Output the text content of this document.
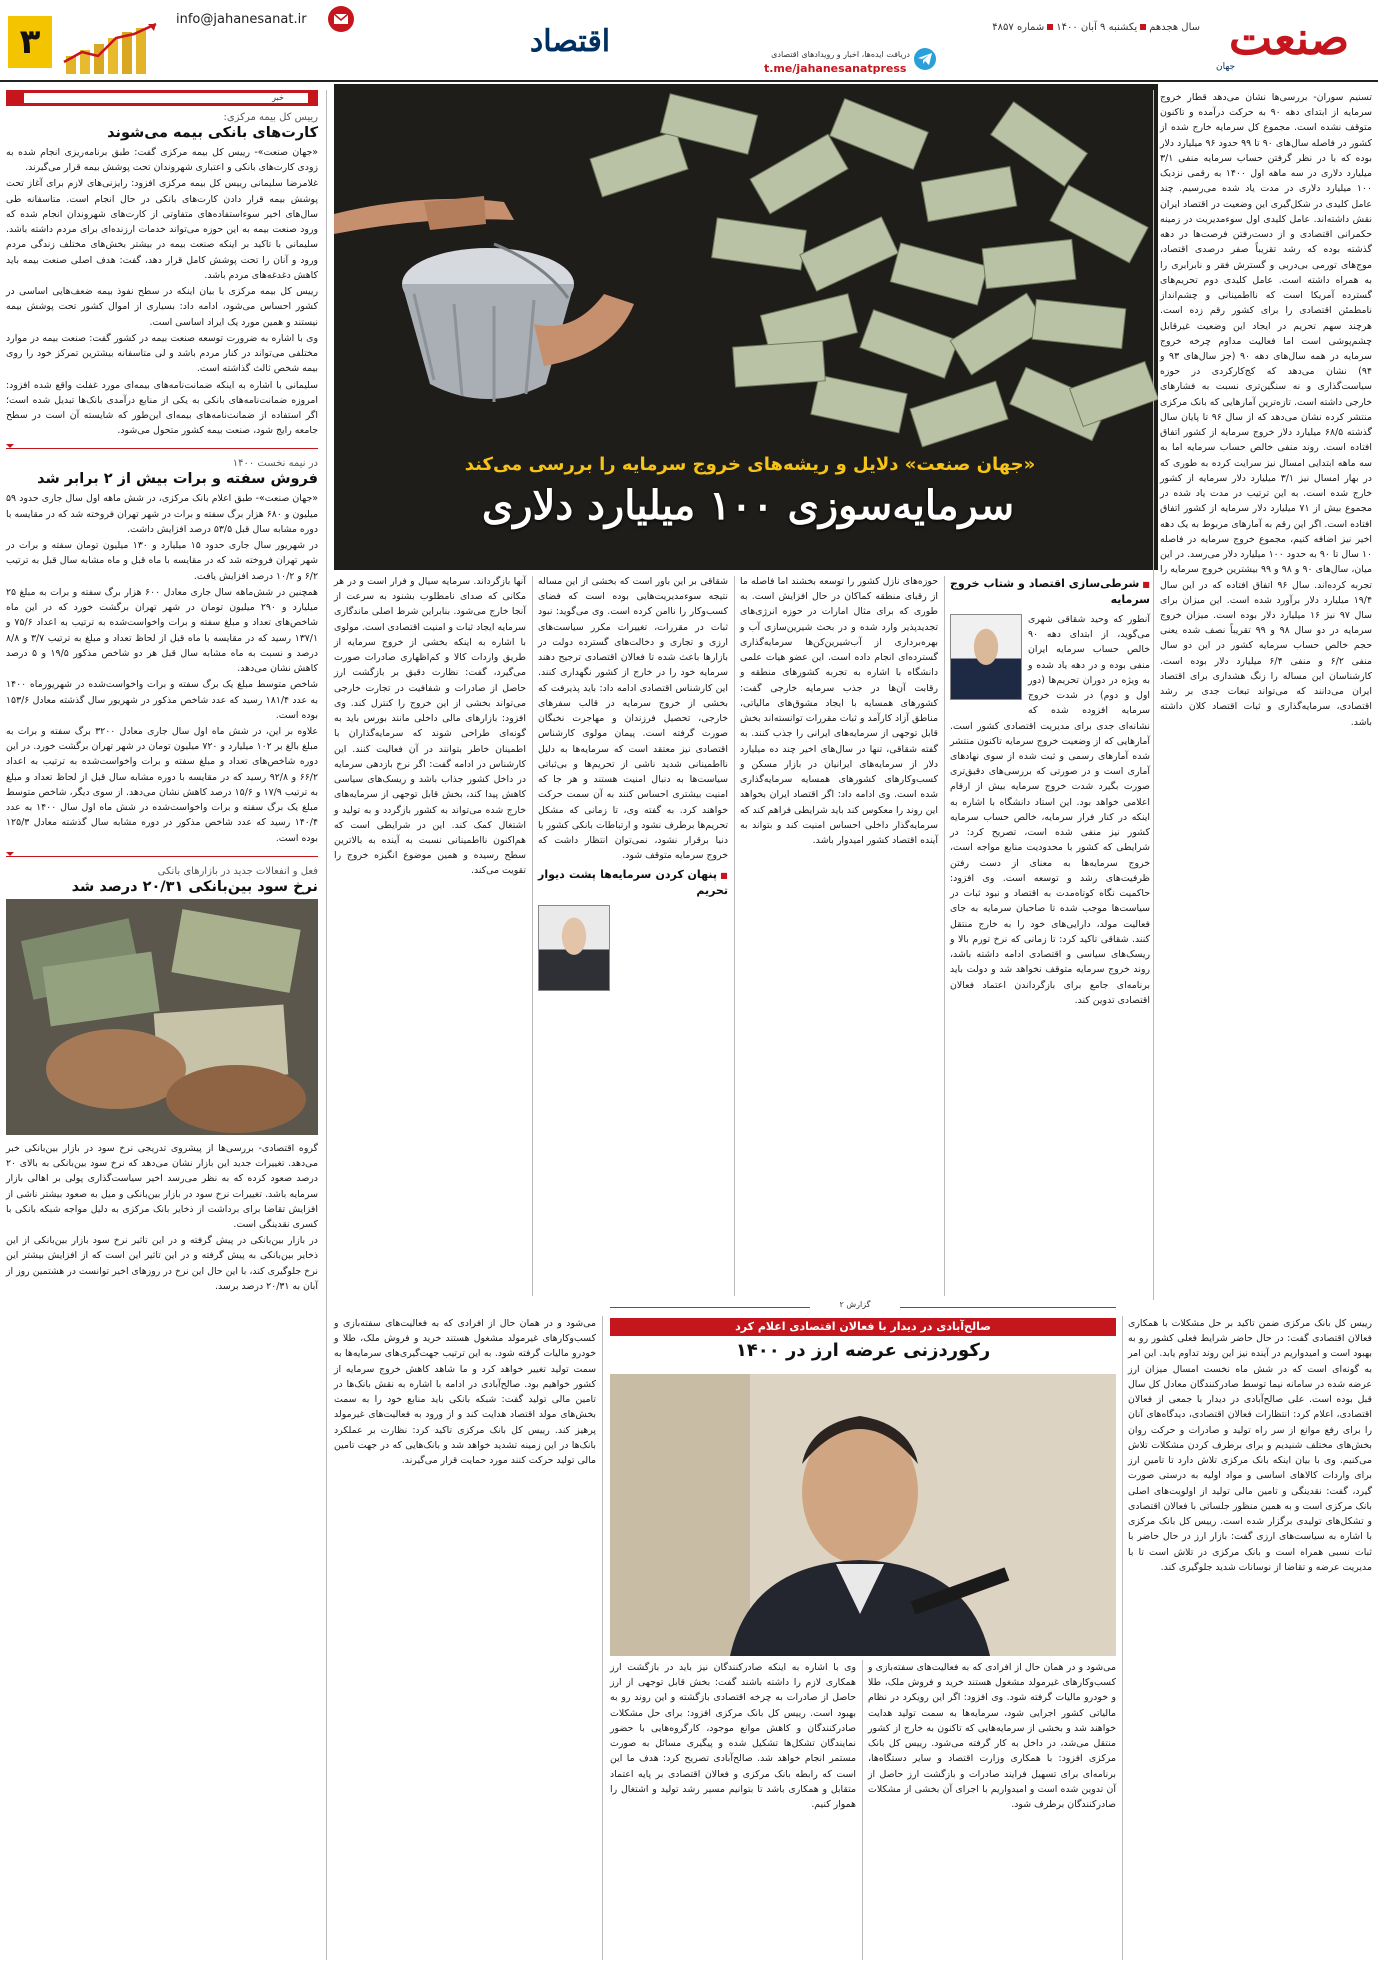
۳
info@jahanesanat.ir
اقتصاد	دریافت ایده‌ها، اخبار و رویدادهای اقتصادی
t.me/jahanesanatpress
سال هجدهمیکشنبه ۹ آبان ۱۴۰۰شماره ۴۸۵۷	صنعت
جهان
خبر
رییس کل بیمه مرکزی:
کارت‌های بانکی بیمه می‌شوند

«جهان صنعت»- رییس کل بیمه مرکزی گفت: طبق برنامه‌ریزی انجام شده به زودی کارت‌های بانکی و اعتباری شهروندان تحت پوشش بیمه قرار می‌گیرند.

غلامرضا سلیمانی رییس کل بیمه مرکزی افزود: رایزنی‌های لازم برای آغاز تحت پوشش بیمه قرار دادن کارت‌های بانکی در حال انجام است. متاسفانه طی سال‌های اخیر سوءاستفاده‌های متفاوتی از کارت‌های شهروندان انجام شده که ورود صنعت بیمه به این حوزه می‌تواند خدمات ارزنده‌ای برای مردم داشته باشد. سلیمانی با تاکید بر اینکه صنعت بیمه در بیشتر بخش‌های مختلف زندگی مردم ورود و آنان را تحت پوشش کامل قرار دهد، گفت: هدف اصلی صنعت بیمه باید کاهش دغدغه‌های مردم باشد.

رییس کل بیمه مرکزی با بیان اینکه در سطح نفوذ بیمه ضعف‌هایی اساسی در کشور احساس می‌شود، ادامه داد: بسیاری از اموال کشور تحت پوشش بیمه نیستند و همین مورد یک ایراد اساسی است.

وی با اشاره به ضرورت توسعه صنعت بیمه در کشور گفت: صنعت بیمه در موارد مختلفی می‌تواند در کنار مردم باشد و لی متاسفانه بیشترین تمرکز خود را روی بیمه شخص ثالث گذاشته است.

سلیمانی با اشاره به اینکه ضمانت‌نامه‌های بیمه‌ای مورد غفلت واقع شده افزود: امروزه ضمانت‌نامه‌های بانکی به یکی از منابع درآمدی بانک‌ها تبدیل شده است؛ اگر استفاده از ضمانت‌نامه‌های بیمه‌ای این‌طور که شایسته آن است در سطح جامعه رایج شود، صنعت بیمه کشور متحول می‌شود.

در نیمه نخست ۱۴۰۰
فروش سفته و برات بیش از ۲ برابر شد

«جهان صنعت»- طبق اعلام بانک مرکزی، در شش ماهه اول سال جاری حدود ۵۹ میلیون و ۶۸۰ هزار برگ سفته و برات در شهر تهران فروخته شد که در مقایسه با دوره مشابه سال قبل ۵۳/۵ درصد افزایش داشت.

در شهریور سال جاری حدود ۱۵ میلیارد و ۱۳۰ میلیون تومان سفته و برات در شهر تهران فروخته شد که در مقایسه با ماه قبل و ماه مشابه سال قبل به ترتیب ۶/۲ و ۱۰/۲ درصد افزایش یافت.

همچنین در شش‌ماهه سال جاری معادل ۶۰۰ هزار برگ سفته و برات به مبلغ ۲۵ میلیارد و ۲۹۰ میلیون تومان در شهر تهران برگشت خورد که در این ماه شاخص‌های تعداد و مبلغ سفته و برات واخواست‌شده به ترتیب به اعداد ۷۵/۶ و ۱۳۷/۱ رسید که در مقایسه با ماه قبل از لحاظ تعداد و مبلغ به ترتیب ۳/۷ و ۸/۸ درصد و نسبت به ماه مشابه سال قبل هر دو شاخص مذکور ۱۹/۵ و ۵ درصد کاهش نشان می‌دهد.

شاخص متوسط مبلغ یک برگ سفته و برات واخواست‌شده در شهریورماه ۱۴۰۰ به عدد ۱۸۱/۴ رسید که عدد شاخص مذکور در شهریور سال گذشته معادل ۱۵۳/۶ بوده است.

علاوه بر این، در شش ماه اول سال جاری معادل ۳۲۰۰ برگ سفته و برات به مبلغ بالغ بر ۱۰۲ میلیارد و ۷۲۰ میلیون تومان در شهر تهران برگشت خورد. در این دوره شاخص‌های تعداد و مبلغ سفته و برات واخواست‌شده به ترتیب به اعداد ۶۶/۲ و ۹۲/۸ رسید که در مقایسه با دوره مشابه سال قبل از لحاظ تعداد و مبلغ به ترتیب ۱۷/۹ و ۱۵/۶ درصد کاهش نشان می‌دهد. از سوی دیگر، شاخص متوسط مبلغ یک برگ سفته و برات واخواست‌شده در شش ماه اول سال ۱۴۰۰ به عدد ۱۴۰/۴ رسید که عدد شاخص مذکور در دوره مشابه سال گذشته معادل ۱۲۵/۳ بوده است.

فعل و انفعالات جدید در بازارهای بانکی
نرخ سود بین‌بانکی ۲۰/۳۱ درصد شد

گروه اقتصادی- بررسی‌ها از پیشروی تدریجی نرخ سود در بازار بین‌بانکی خبر می‌دهد. تغییرات جدید این بازار نشان می‌دهد که نرخ سود بین‌بانکی به بالای ۲۰ درصد صعود کرده که به نظر می‌رسد اخیر سیاست‌گذاری پولی بر اهالی بازار سرمایه باشد. تغییرات نرخ سود در بازار بین‌بانکی و میل به صعود بیشتر ناشی از افزایش تقاضا برای برداشت از ذخایر بانک مرکزی به دلیل مواجه شبکه بانکی با کسری نقدینگی است.

در بازار بین‌بانکی در پیش گرفته و در این تاثیر نرخ سود بازار بین‌بانکی از این ذخایر بین‌بانکی به پیش گرفته و در این تاثیر این است که از افزایش بیشتر این نرخ جلوگیری کند، با این حال این نرخ در روزهای اخیر توانست در هشتمین روز از آبان به ۲۰/۳۱ درصد برسد.

«جهان صنعت» دلایل و ریشه‌های خروج سرمایه را بررسی می‌کند
سرمایه‌سوزی ۱۰۰ میلیارد دلاری

تسنیم سوران- بررسی‌ها نشان می‌دهد قطار خروج سرمایه از ابتدای دهه ۹۰ به حرکت درآمده و تاکنون متوقف نشده است. مجموع کل سرمایه خارج شده از کشور در فاصله سال‌های ۹۰ تا ۹۹ حدود ۹۶ میلیارد دلار بوده که با در نظر گرفتن حساب سرمایه منفی ۳/۱ میلیارد دلاری در سه ماهه اول ۱۴۰۰ به رقمی نزدیک ۱۰۰ میلیارد دلاری در مدت یاد شده می‌رسیم. چند عامل کلیدی در شکل‌گیری این وضعیت در اقتصاد ایران نقش داشته‌اند. عامل کلیدی اول سوءمدیریت در زمینه حکمرانی اقتصادی و از دست‌رفتن فرصت‌ها در دهه گذشته بوده که رشد تقریباً صفر درصدی اقتصاد، موج‌های تورمی بی‌دربی و گسترش فقر و نابرابری را به همراه داشته است. عامل کلیدی دوم تحریم‌های گسترده آمریکا است که نااطمینانی و چشم‌انداز نامطمئن اقتصادی را برای کشور رقم زده است. هرچند سهم تحریم در ایجاد این وضعیت غیرقابل چشم‌پوشی است اما فعالیت مداوم چرخه خروج سرمایه در همه سال‌های دهه ۹۰ (جز سال‌های ۹۳ و ۹۴) نشان می‌دهد که کج‌کارکردی در حوزه سیاست‌گذاری و نه سنگین‌تری نسبت به فشارهای خارجی داشته است. تازه‌ترین آمارهایی که بانک مرکزی منتشر کرده نشان می‌دهد که از سال ۹۶ تا پایان سال گذشته ۶۸/۵ میلیارد دلار خروج سرمایه از کشور اتفاق افتاده است. روند منفی خالص حساب سرمایه اما به سه ماهه ابتدایی امسال نیز سرایت کرده به طوری که در بهار امسال نیز ۳/۱ میلیارد دلار سرمایه از کشور خارج شده است. به این ترتیب در مدت یاد شده در مجموع بیش از ۷۱ میلیارد دلار سرمایه از کشور اتفاق افتاده است. اگر این رقم به آمارهای مربوط به یک دهه اخیر نیز اضافه کنیم، مجموع خروج سرمایه در فاصله ۱۰ سال تا ۹۰ به حدود ۱۰۰ میلیارد دلار می‌رسد. در این میان، سال‌های ۹۰ و ۹۸ و ۹۹ بیشترین خروج سرمایه را تجربه کرده‌اند. سال ۹۶ اتفاق افتاده که در این سال ۱۹/۴ میلیارد دلار برآورد شده است. این میزان برای سال ۹۷ نیز ۱۶ میلیارد دلار بوده است. میزان خروج سرمایه در دو سال ۹۸ و ۹۹ تقریباً نصف شده یعنی حجم خالص حساب سرمایه کشور در این دو سال منفی ۶/۲ و منفی ۶/۴ میلیارد دلار بوده است. کارشناسان این مساله را زنگ هشداری برای اقتصاد ایران می‌دانند که می‌تواند تبعات جدی بر رشد اقتصادی، سرمایه‌گذاری و ثبات اقتصاد کلان داشته باشد.

■ شرطی‌سازی اقتصاد و شتاب خروج سرمایه

آنطور که وحید شقاقی شهری می‌گوید، از ابتدای دهه ۹۰ خالص حساب سرمایه ایران منفی بوده و در دهه یاد شده و به ویژه در دوران تحریم‌ها (دور اول و دوم) در شدت خروج سرمایه افزوده شده که نشانه‌ای جدی برای مدیریت اقتصادی کشور است. آمارهایی که از وضعیت خروج سرمایه تاکنون منتشر شده آمارهای رسمی و ثبت شده از سوی نهادهای آماری است و در صورتی که بررسی‌های دقیق‌تری صورت بگیرد شدت خروج سرمایه بیش از ارقام اعلامی خواهد بود. این استاد دانشگاه با اشاره به اینکه در کنار فرار سرمایه، خالص حساب سرمایه کشور نیز منفی شده است، تصریح کرد: در شرایطی که کشور با محدودیت منابع مواجه است، خروج سرمایه‌ها به معنای از دست رفتن ظرفیت‌های رشد و توسعه است. وی افزود: حاکمیت نگاه کوتاه‌مدت به اقتصاد و نبود ثبات در سیاست‌ها موجب شده تا صاحبان سرمایه به جای فعالیت مولد، دارایی‌های خود را به خارج منتقل کنند. شقاقی تاکید کرد: تا زمانی که نرخ تورم بالا و ریسک‌های سیاسی و اقتصادی ادامه داشته باشد، روند خروج سرمایه متوقف نخواهد شد و دولت باید برنامه‌ای جامع برای بازگرداندن اعتماد فعالان اقتصادی تدوین کند.

حوزه‌های نازل کشور را توسعه بخشند اما فاصله ما از رقبای منطقه کماکان در حال افزایش است. به طوری که برای مثال امارات در حوزه انرژی‌های تجدیدپذیر وارد شده و در بحث شیرین‌سازی آب و بهره‌برداری از آب‌شیرین‌کن‌ها سرمایه‌گذاری گسترده‌ای انجام داده است. این عضو هیات علمی دانشگاه با اشاره به تجربه کشورهای منطقه و رقابت آن‌ها در جذب سرمایه خارجی گفت: کشورهای همسایه با ایجاد مشوق‌های مالیاتی، مناطق آزاد کارآمد و ثبات مقررات توانسته‌اند بخش قابل توجهی از سرمایه‌های ایرانی را جذب کنند. به گفته شقاقی، تنها در سال‌های اخیر چند ده میلیارد دلار از سرمایه‌های ایرانیان در بازار مسکن و کسب‌وکارهای کشورهای همسایه سرمایه‌گذاری شده است. وی ادامه داد: اگر اقتصاد ایران بخواهد این روند را معکوس کند باید شرایطی فراهم کند که سرمایه‌گذار داخلی احساس امنیت کند و بتواند به آینده اقتصاد کشور امیدوار باشد.

شقاقی بر این باور است که بخشی از این مساله نتیجه سوءمدیریت‌هایی بوده است که فضای کسب‌وکار را ناامن کرده است. وی می‌گوید: نبود ثبات در مقررات، تغییرات مکرر سیاست‌های ارزی و تجاری و دخالت‌های گسترده دولت در بازارها باعث شده تا فعالان اقتصادی ترجیح دهند سرمایه خود را در خارج از کشور نگهداری کنند. این کارشناس اقتصادی ادامه داد: باید پذیرفت که بخشی از خروج سرمایه در قالب سفرهای خارجی، تحصیل فرزندان و مهاجرت نخبگان صورت گرفته است. پیمان مولوی کارشناس اقتصادی نیز معتقد است که سرمایه‌ها به دلیل نااطمینانی شدید ناشی از تحریم‌ها و بی‌ثباتی سیاست‌ها به دنبال امنیت هستند و هر جا که امنیت بیشتری احساس کنند به آن سمت حرکت خواهند کرد. به گفته وی، تا زمانی که مشکل تحریم‌ها برطرف نشود و ارتباطات بانکی کشور با دنیا برقرار نشود، نمی‌توان انتظار داشت که خروج سرمایه متوقف شود.

■ پنهان کردن سرمایه‌ها پشت دیوار تحریم

آنها بازگرداند. سرمایه سیال و فرار است و در هر مکانی که صدای نامطلوب بشنود به سرعت از آنجا خارج می‌شود. بنابراین شرط اصلی ماندگاری سرمایه ایجاد ثبات و امنیت اقتصادی است. مولوی با اشاره به اینکه بخشی از خروج سرمایه از طریق واردات کالا و کم‌اظهاری صادرات صورت می‌گیرد، گفت: نظارت دقیق بر بازگشت ارز حاصل از صادرات و شفافیت در تجارت خارجی می‌تواند بخشی از این خروج را کنترل کند. وی افزود: بازارهای مالی داخلی مانند بورس باید به گونه‌ای طراحی شوند که سرمایه‌گذاران با اطمینان خاطر بتوانند در آن فعالیت کنند. این کارشناس در ادامه گفت: اگر نرخ بازدهی سرمایه در داخل کشور جذاب باشد و ریسک‌های سیاسی کاهش پیدا کند، بخش قابل توجهی از سرمایه‌های خارج شده می‌تواند به کشور بازگردد و به تولید و اشتغال کمک کند. این در شرایطی است که هم‌اکنون نااطمینانی نسبت به آینده به بالاترین سطح رسیده و همین موضوع انگیزه خروج را تقویت می‌کند.

گزارش ۲
صالح‌آبادی در دیدار با فعالان اقتصادی اعلام کرد
رکوردزنی عرضه ارز در ۱۴۰۰

رییس کل بانک مرکزی ضمن تاکید بر حل مشکلات با همکاری فعالان اقتصادی گفت: در حال حاضر شرایط فعلی کشور رو به بهبود است و امیدواریم در آینده نیز این روند تداوم یابد. این امر به گونه‌ای است که در شش ماه نخست امسال میزان ارز عرضه شده در سامانه نیما توسط صادرکنندگان معادل کل سال قبل بوده است. علی صالح‌آبادی در دیدار با جمعی از فعالان اقتصادی، اعلام کرد: انتظارات فعالان اقتصادی، دیدگاه‌های آنان را برای رفع موانع از سر راه تولید و صادرات و حرکت روان بخش‌های مختلف شنیدیم و برای برطرف کردن مشکلات تلاش می‌کنیم. وی با بیان اینکه بانک مرکزی تلاش دارد تا تامین ارز برای واردات کالاهای اساسی و مواد اولیه به درستی صورت گیرد، گفت: نقدینگی و تامین مالی تولید از اولویت‌های اصلی بانک مرکزی است و به همین منظور جلساتی با فعالان اقتصادی و تشکل‌های تولیدی برگزار شده است. رییس کل بانک مرکزی با اشاره به سیاست‌های ارزی گفت: بازار ارز در حال حاضر با ثبات نسبی همراه است و بانک مرکزی در تلاش است تا با مدیریت عرضه و تقاضا از نوسانات شدید جلوگیری کند.

می‌شود و در همان حال از افرادی که به فعالیت‌های سفته‌بازی و کسب‌وکارهای غیرمولد مشغول هستند خرید و فروش ملک، طلا و خودرو مالیات گرفته شود. وی افزود: اگر این رویکرد در نظام مالیاتی کشور اجرایی شود، سرمایه‌ها به سمت تولید هدایت خواهند شد و بخشی از سرمایه‌هایی که تاکنون به خارج از کشور منتقل می‌شد، در داخل به کار گرفته می‌شود. رییس کل بانک مرکزی افزود: با همکاری وزارت اقتصاد و سایر دستگاه‌ها، برنامه‌ای برای تسهیل فرایند صادرات و بازگشت ارز حاصل از آن تدوین شده است و امیدواریم با اجرای آن بخشی از مشکلات صادرکنندگان برطرف شود.

وی با اشاره به اینکه صادرکنندگان نیز باید در بازگشت ارز همکاری لازم را داشته باشند گفت: بخش قابل توجهی از ارز حاصل از صادرات به چرخه اقتصادی بازگشته و این روند رو به بهبود است. رییس کل بانک مرکزی افزود: برای حل مشکلات صادرکنندگان و کاهش موانع موجود، کارگروه‌هایی با حضور نمایندگان تشکل‌ها تشکیل شده و پیگیری مسائل به صورت مستمر انجام خواهد شد. صالح‌آبادی تصریح کرد: هدف ما این است که رابطه بانک مرکزی و فعالان اقتصادی بر پایه اعتماد متقابل و همکاری باشد تا بتوانیم مسیر رشد تولید و اشتغال را هموار کنیم.

می‌شود و در همان حال از افرادی که به فعالیت‌های سفته‌بازی و کسب‌وکارهای غیرمولد مشغول هستند خرید و فروش ملک، طلا و خودرو مالیات گرفته شود. به این ترتیب جهت‌گیری‌های سرمایه‌ها به سمت تولید تغییر خواهد کرد و ما شاهد کاهش خروج سرمایه از کشور خواهیم بود. صالح‌آبادی در ادامه با اشاره به نقش بانک‌ها در تامین مالی تولید گفت: شبکه بانکی باید منابع خود را به سمت بخش‌های مولد اقتصاد هدایت کند و از ورود به فعالیت‌های غیرمولد پرهیز کند. رییس کل بانک مرکزی تاکید کرد: نظارت بر عملکرد بانک‌ها در این زمینه تشدید خواهد شد و بانک‌هایی که در جهت تامین مالی تولید حرکت کنند مورد حمایت قرار می‌گیرند.
